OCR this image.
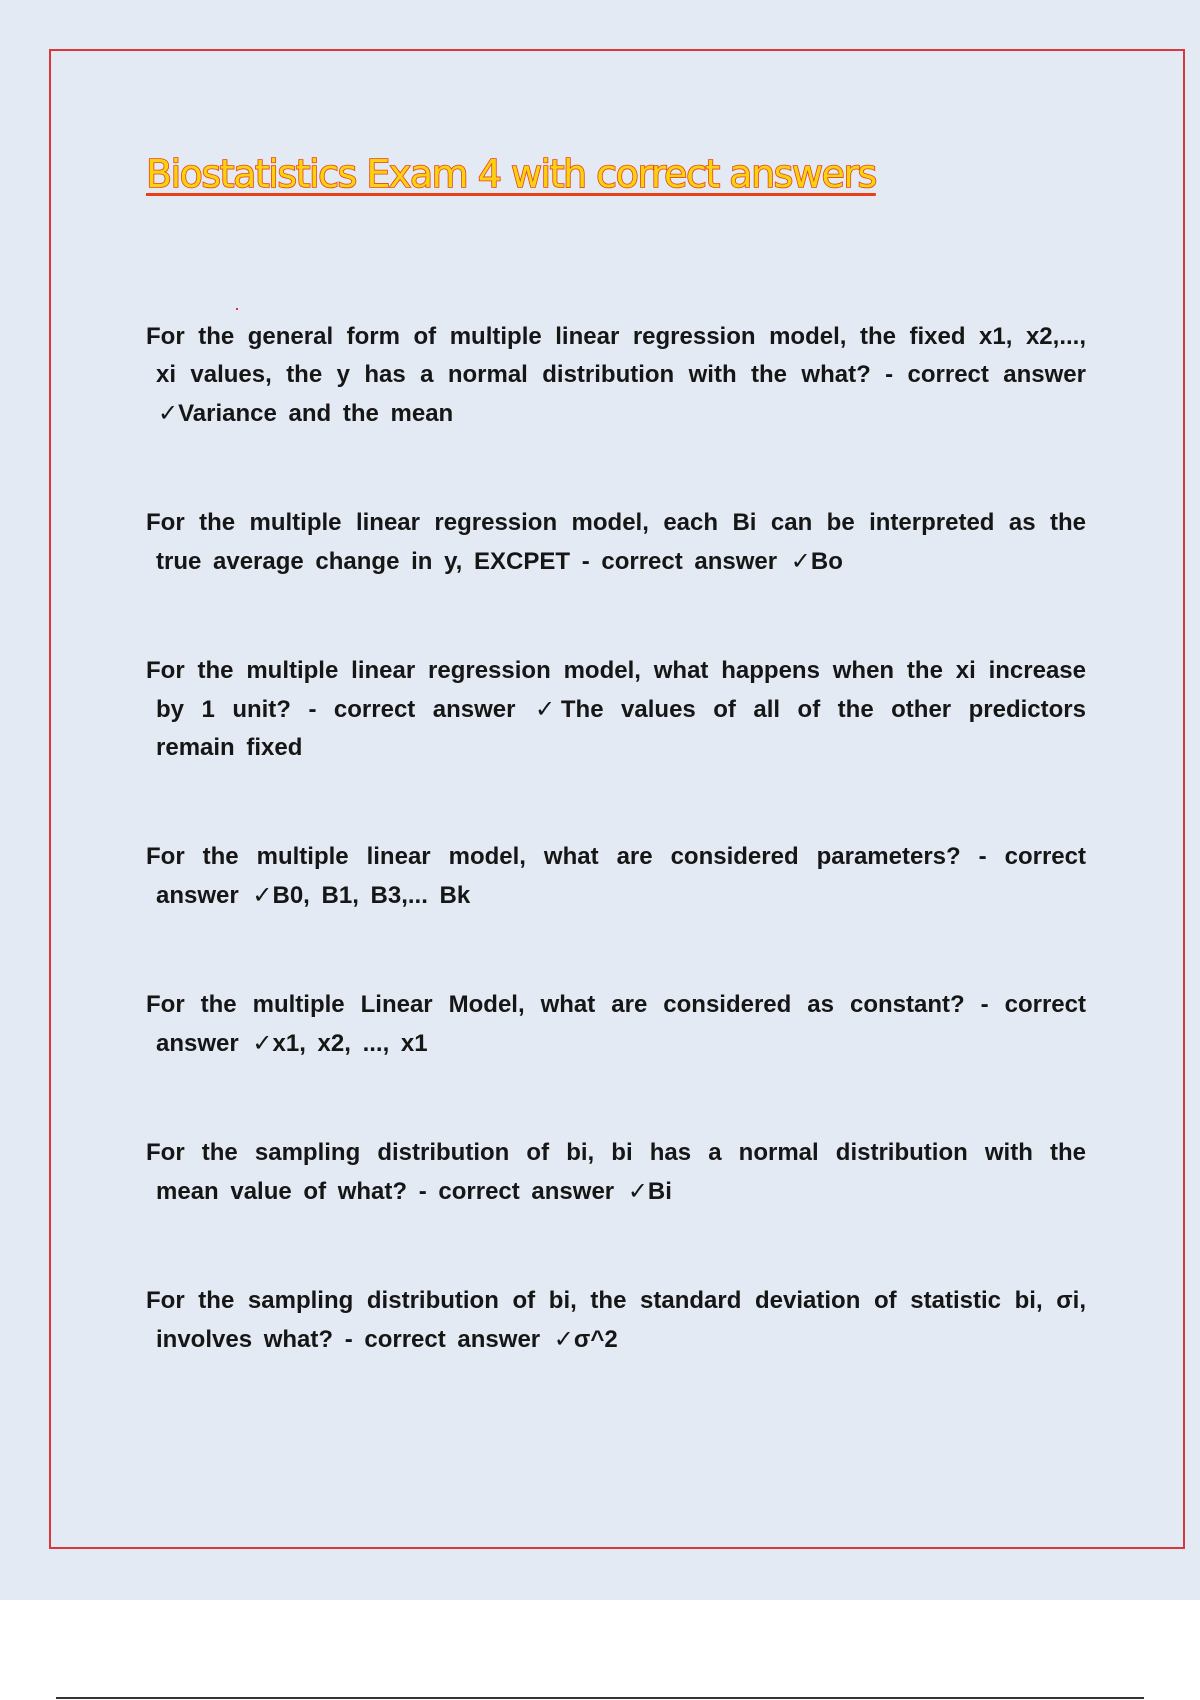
Biostatistics Exam 4 with correct answers

For the general form of multiple linear regression model, the fixed x1, x2,..., xi values, the y has a normal distribution with the what? - correct answer ✓Variance and the mean

For the multiple linear regression model, each Bi can be interpreted as the true average change in y, EXCPET - correct answer ✓Bo

For the multiple linear regression model, what happens when the xi increase by 1 unit? - correct answer ✓The values of all of the other predictors remain fixed

For the multiple linear model, what are considered parameters? - correct answer ✓B0, B1, B3,... Bk

For the multiple Linear Model, what are considered as constant? - correct answer ✓x1, x2, ..., x1

For the sampling distribution of bi, bi has a normal distribution with the mean value of what? - correct answer ✓Bi

For the sampling distribution of bi, the standard deviation of statistic bi, σi, involves what? - correct answer ✓σ^2
